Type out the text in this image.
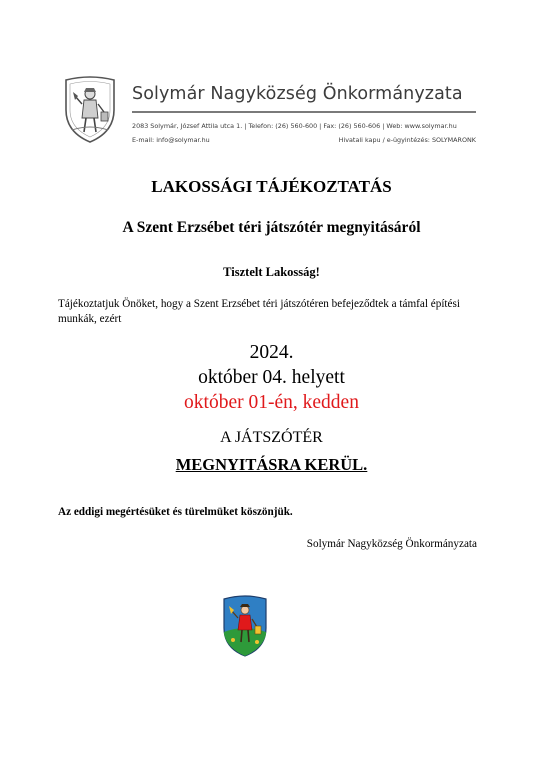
Solymár Nagyközség Önkormányzata
2083 Solymár, József Attila utca 1. | Telefon: (26) 560-600 | Fax: (26) 560-606 | Web: www.solymar.hu
E-mail: info@solymar.hu	Hivatali kapu / e-ügyintézés: SOLYMARONK
LAKOSSÁGI TÁJÉKOZTATÁS
A Szent Erzsébet téri játszótér megnyitásáról
Tisztelt Lakosság!
Tájékoztatjuk Önöket, hogy a Szent Erzsébet téri játszótéren befejeződtek a támfal építési munkák, ezért
2024.
október 04. helyett
október 01-én, kedden
A JÁTSZÓTÉR
MEGNYITÁSRA KERÜL.
Az eddigi megértésüket és türelmüket köszönjük.
Solymár Nagyközség Önkormányzata
